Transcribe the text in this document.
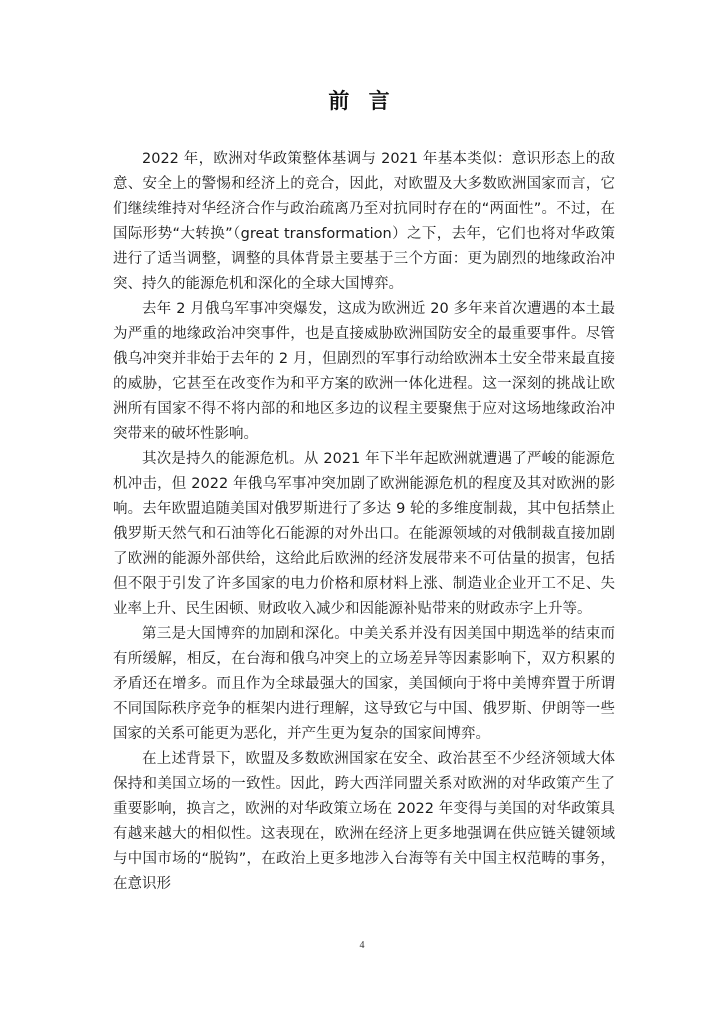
前 言

2022 年，欧洲对华政策整体基调与 2021 年基本类似：意识形态上的敌意、安全上的警惕和经济上的竞合，因此，对欧盟及大多数欧洲国家而言，它们继续维持对华经济合作与政治疏离乃至对抗同时存在的“两面性”。不过，在国际形势“大转换”（great transformation）之下，去年，它们也将对华政策进行了适当调整，调整的具体背景主要基于三个方面：更为剧烈的地缘政治冲突、持久的能源危机和深化的全球大国博弈。

去年 2 月俄乌军事冲突爆发，这成为欧洲近 20 多年来首次遭遇的本土最为严重的地缘政治冲突事件，也是直接威胁欧洲国防安全的最重要事件。尽管俄乌冲突并非始于去年的 2 月，但剧烈的军事行动给欧洲本土安全带来最直接的威胁，它甚至在改变作为和平方案的欧洲一体化进程。这一深刻的挑战让欧洲所有国家不得不将内部的和地区多边的议程主要聚焦于应对这场地缘政治冲突带来的破坏性影响。

其次是持久的能源危机。从 2021 年下半年起欧洲就遭遇了严峻的能源危机冲击，但 2022 年俄乌军事冲突加剧了欧洲能源危机的程度及其对欧洲的影响。去年欧盟追随美国对俄罗斯进行了多达 9 轮的多维度制裁，其中包括禁止俄罗斯天然气和石油等化石能源的对外出口。在能源领域的对俄制裁直接加剧了欧洲的能源外部供给，这给此后欧洲的经济发展带来不可估量的损害，包括但不限于引发了许多国家的电力价格和原材料上涨、制造业企业开工不足、失业率上升、民生困顿、财政收入减少和因能源补贴带来的财政赤字上升等。

第三是大国博弈的加剧和深化。中美关系并没有因美国中期选举的结束而有所缓解，相反，在台海和俄乌冲突上的立场差异等因素影响下，双方积累的矛盾还在增多。而且作为全球最强大的国家，美国倾向于将中美博弈置于所谓不同国际秩序竞争的框架内进行理解，这导致它与中国、俄罗斯、伊朗等一些国家的关系可能更为恶化，并产生更为复杂的国家间博弈。

在上述背景下，欧盟及多数欧洲国家在安全、政治甚至不少经济领域大体保持和美国立场的一致性。因此，跨大西洋同盟关系对欧洲的对华政策产生了重要影响，换言之，欧洲的对华政策立场在 2022 年变得与美国的对华政策具有越来越大的相似性。这表现在，欧洲在经济上更多地强调在供应链关键领域与中国市场的“脱钩”，在政治上更多地涉入台海等有关中国主权范畴的事务，在意识形

4
